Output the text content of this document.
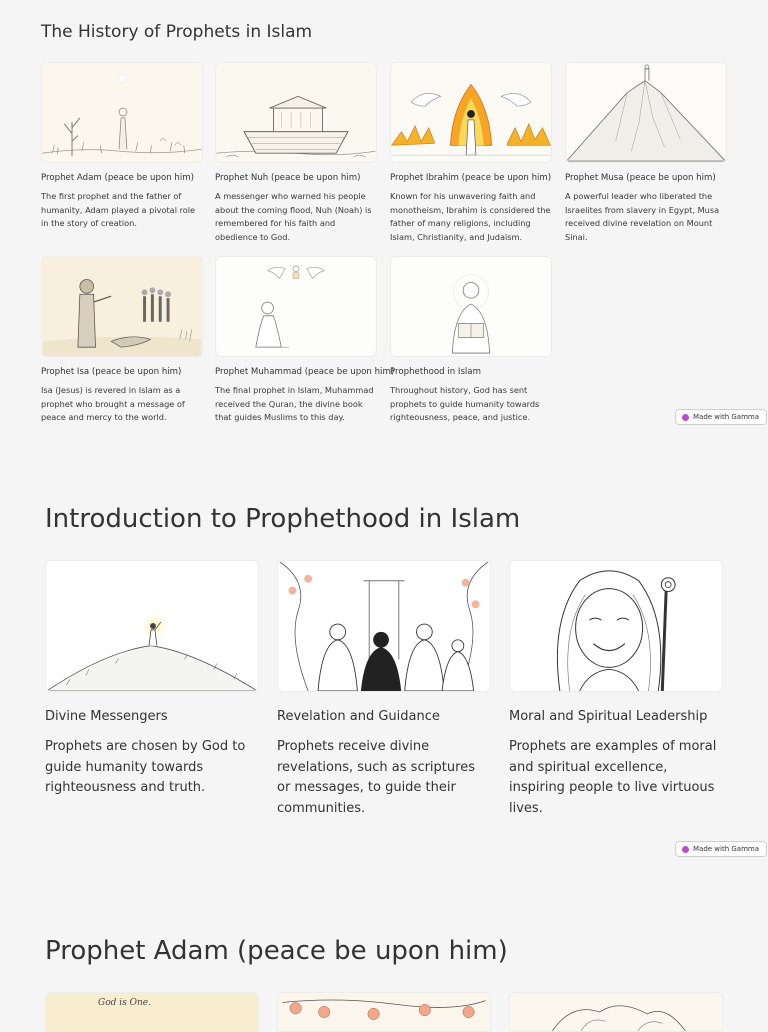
The History of Prophets in Islam
Prophet Adam (peace be upon him)
The first prophet and the father of humanity, Adam played a pivotal role in the story of creation.
Prophet Nuh (peace be upon him)
A messenger who warned his people about the coming flood, Nuh (Noah) is remembered for his faith and obedience to God.
Prophet Ibrahim (peace be upon him)
Known for his unwavering faith and monotheism, Ibrahim is considered the father of many religions, including Islam, Christianity, and Judaism.
Prophet Musa (peace be upon him)
A powerful leader who liberated the Israelites from slavery in Egypt, Musa received divine revelation on Mount Sinai.
Prophet Isa (peace be upon him)
Isa (Jesus) is revered in Islam as a prophet who brought a message of peace and mercy to the world.
Prophet Muhammad (peace be upon him)
The final prophet in Islam, Muhammad received the Quran, the divine book that guides Muslims to this day.
Prophethood in Islam
Throughout history, God has sent prophets to guide humanity towards righteousness, peace, and justice.	Made with Gamma
Introduction to Prophethood in Islam
Divine Messengers
Prophets are chosen by God to guide humanity towards righteousness and truth.
Revelation and Guidance
Prophets receive divine revelations, such as scriptures or messages, to guide their communities.
Moral and Spiritual Leadership
Prophets are examples of moral and spiritual excellence, inspiring people to live virtuous lives.
Made with Gamma
Prophet Adam (peace be upon him)
God is One.
